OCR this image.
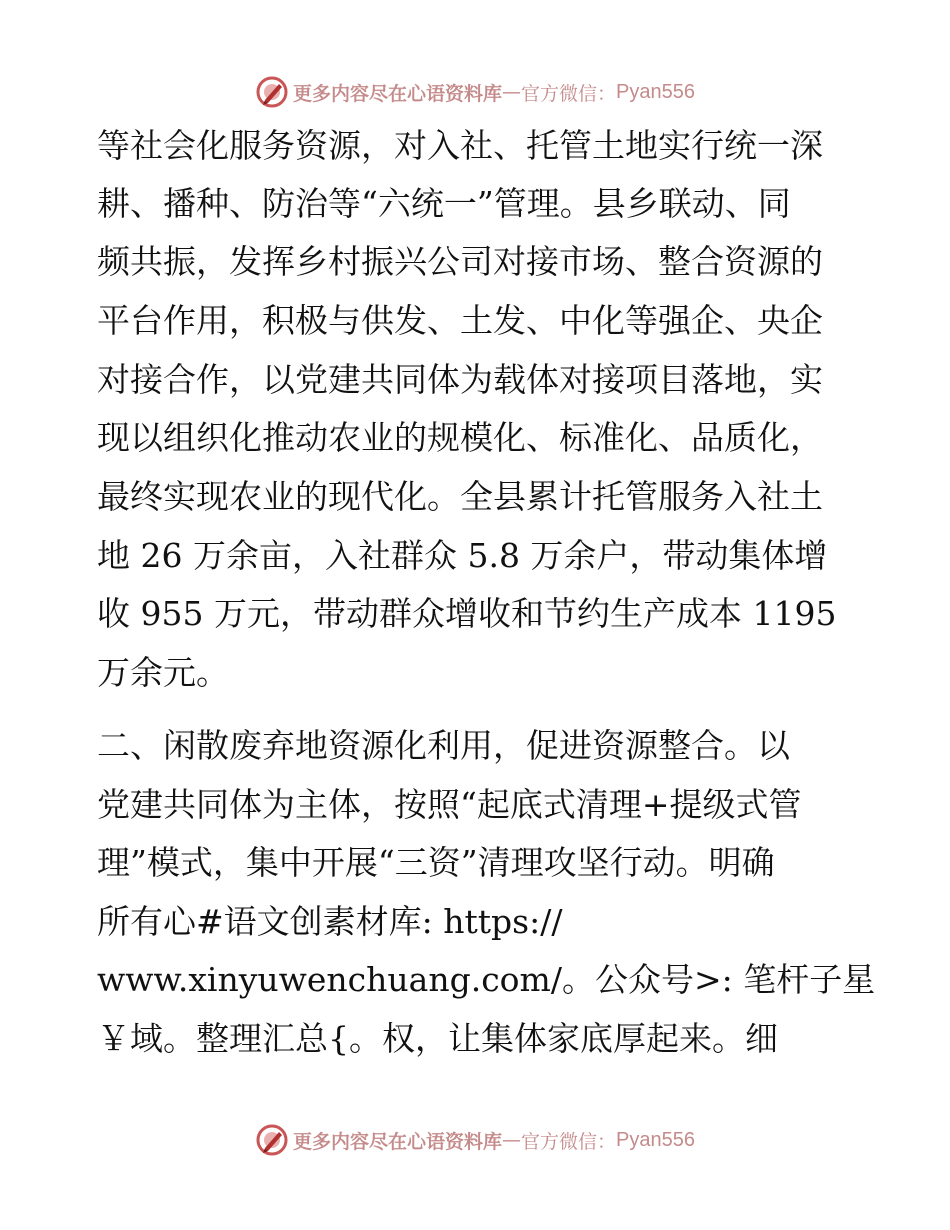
更多内容尽在心语资料库 — 官方微信： Pyan556
等社会化服务资源，对入社、托管土地实行统一深
耕、播种、防治等“六统一”管理。县乡联动、同
频共振，发挥乡村振兴公司对接市场、整合资源的
平台作用，积极与供发、土发、中化等强企、央企
对接合作，以党建共同体为载体对接项目落地，实
现以组织化推动农业的规模化、标准化、品质化，
最终实现农业的现代化。全县累计托管服务入社土
地 26 万余亩，入社群众 5.8 万余户，带动集体增
收 955 万元，带动群众增收和节约生产成本 1195
万余元。
二、闲散废弃地资源化利用，促进资源整合。以
党建共同体为主体，按照“起底式清理+提级式管
理”模式，集中开展“三资”清理攻坚行动。明确
所有心#语文创素材库: https://
www.xinyuwenchuang.com/。公众号>: 笔杆子星
￥域。整理汇总{。权，让集体家底厚起来。细
更多内容尽在心语资料库 — 官方微信： Pyan556
